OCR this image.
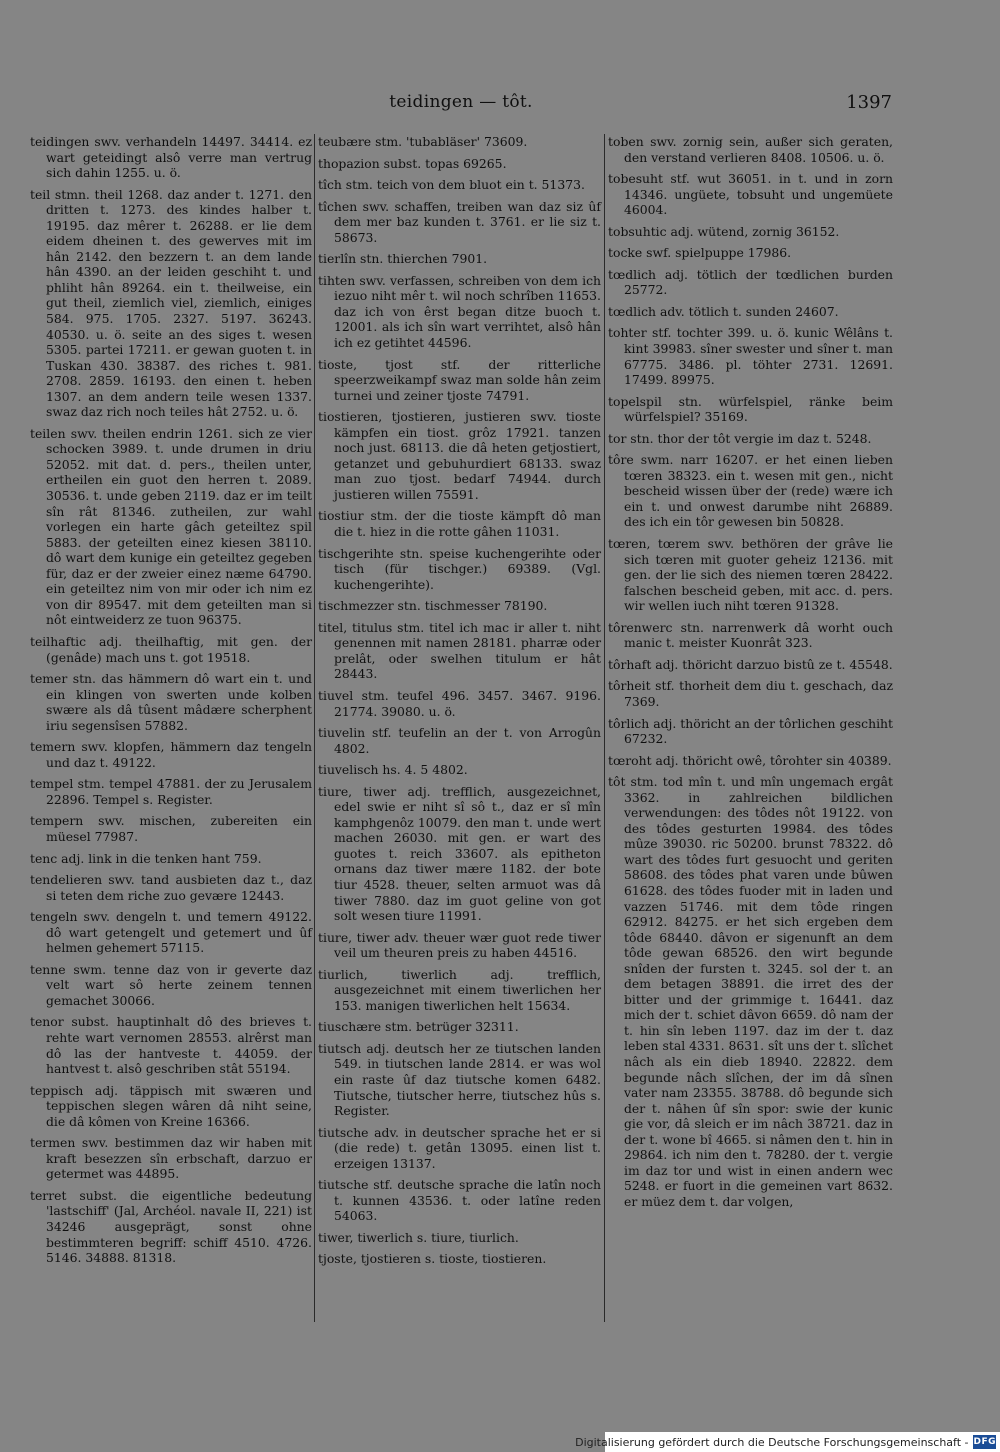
teidingen — tôt.	1397

teidingen swv. verhandeln 14497. 34414. ez wart geteidingt alsô verre man vertrug sich dahin 1255. u. ö.

teil stmn. theil 1268. daz ander t. 1271. den dritten t. 1273. des kindes halber t. 19195. daz mêrer t. 26288. er lie dem eidem dheinen t. des gewerves mit im hân 2142. den bezzern t. an dem lande hân 4390. an der leiden geschiht t. und phliht hân 89264. ein t. theilweise, ein gut theil, ziemlich viel, ziemlich, einiges 584. 975. 1705. 2327. 5197. 36243. 40530. u. ö. seite an des siges t. wesen 5305. partei 17211. er gewan guoten t. in Tuskan 430. 38387. des riches t. 981. 2708. 2859. 16193. den einen t. heben 1307. an dem andern teile wesen 1337. swaz daz rich noch teiles hât 2752. u. ö.

teilen swv. theilen endrin 1261. sich ze vier schocken 3989. t. unde drumen in driu 52052. mit dat. d. pers., theilen unter, ertheilen ein guot den herren t. 2089. 30536. t. unde geben 2119. daz er im teilt sîn rât 81346. zutheilen, zur wahl vorlegen ein harte gâch geteiltez spil 5883. der geteilten einez kiesen 38110. dô wart dem kunige ein geteiltez gegeben für, daz er der zweier einez næme 64790. ein geteiltez nim von mir oder ich nim ez von dir 89547. mit dem geteilten man si nôt eintweiderz ze tuon 96375.

teilhaftic adj. theilhaftig, mit gen. der (genâde) mach uns t. got 19518.

temer stn. das hämmern dô wart ein t. und ein klingen von swerten unde kolben swære als dâ tûsent mâdære scherphent iriu segensîsen 57882.

temern swv. klopfen, hämmern daz tengeln und daz t. 49122.

tempel stm. tempel 47881. der zu Jerusalem 22896. Tempel s. Register.

tempern swv. mischen, zubereiten ein müesel 77987.

tenc adj. link in die tenken hant 759.

tendelieren swv. tand ausbieten daz t., daz si teten dem riche zuo gevære 12443.

tengeln swv. dengeln t. und temern 49122. dô wart getengelt und getemert und ûf helmen gehemert 57115.

tenne swm. tenne daz von ir geverte daz velt wart sô herte zeinem tennen gemachet 30066.

tenor subst. hauptinhalt dô des brieves t. rehte wart vernomen 28553. alrêrst man dô las der hantveste t. 44059. der hantvest t. alsô geschriben stât 55194.

teppisch adj. täppisch mit swæren und teppischen slegen wâren dâ niht seine, die dâ kômen von Kreine 16366.

termen swv. bestimmen daz wir haben mit kraft besezzen sîn erbschaft, darzuo er getermet was 44895.

terret subst. die eigentliche bedeutung 'lastschiff' (Jal, Archéol. navale II, 221) ist 34246 ausgeprägt, sonst ohne bestimmteren begriff: schiff 4510. 4726. 5146. 34888. 81318.

teubære stm. 'tubabläser' 73609.

thopazion subst. topas 69265.

tîch stm. teich von dem bluot ein t. 51373.

tîchen swv. schaffen, treiben wan daz siz ûf dem mer baz kunden t. 3761. er lie siz t. 58673.

tierlîn stn. thierchen 7901.

tihten swv. verfassen, schreiben von dem ich iezuo niht mêr t. wil noch schrîben 11653. daz ich von êrst began ditze buoch t. 12001. als ich sîn wart verrihtet, alsô hân ich ez getihtet 44596.

tioste, tjost stf. der ritterliche speerzweikampf swaz man solde hân zeim turnei und zeiner tjoste 74791.

tiostieren, tjostieren, justieren swv. tioste kämpfen ein tiost. grôz 17921. tanzen noch just. 68113. die dâ heten getjostiert, getanzet und gebuhurdiert 68133. swaz man zuo tjost. bedarf 74944. durch justieren willen 75591.

tiostiur stm. der die tioste kämpft dô man die t. hiez in die rotte gâhen 11031.

tischgerihte stn. speise kuchengerihte oder tisch (für tischger.) 69389. (Vgl. kuchengerihte).

tischmezzer stn. tischmesser 78190.

titel, titulus stm. titel ich mac ir aller t. niht genennen mit namen 28181. pharræ oder prelât, oder swelhen titulum er hât 28443.

tiuvel stm. teufel 496. 3457. 3467. 9196. 21774. 39080. u. ö.

tiuvelin stf. teufelin an der t. von Arrogûn 4802.

tiuvelisch hs. 4. 5 4802.

tiure, tiwer adj. trefflich, ausgezeichnet, edel swie er niht sî sô t., daz er sî mîn kamphgenôz 10079. den man t. unde wert machen 26030. mit gen. er wart des guotes t. reich 33607. als epitheton ornans daz tiwer mære 1182. der bote tiur 4528. theuer, selten armuot was dâ tiwer 7880. daz im guot geline von got solt wesen tiure 11991.

tiure, tiwer adv. theuer wær guot rede tiwer veil um theuren preis zu haben 44516.

tiurlich, tiwerlich adj. trefflich, ausgezeichnet mit einem tiwerlichen her 153. manigen tiwerlichen helt 15634.

tiuschære stm. betrüger 32311.

tiutsch adj. deutsch her ze tiutschen landen 549. in tiutschen lande 2814. er was wol ein raste ûf daz tiutsche komen 6482. Tiutsche, tiutscher herre, tiutschez hûs s. Register.

tiutsche adv. in deutscher sprache het er si (die rede) t. getân 13095. einen list t. erzeigen 13137.

tiutsche stf. deutsche sprache die latîn noch t. kunnen 43536. t. oder latîne reden 54063.

tiwer, tiwerlich s. tiure, tiurlich.

tjoste, tjostieren s. tioste, tiostieren.

toben swv. zornig sein, außer sich geraten, den verstand verlieren 8408. 10506. u. ö.

tobesuht stf. wut 36051. in t. und in zorn 14346. ungüete, tobsuht und ungemüete 46004.

tobsuhtic adj. wütend, zornig 36152.

tocke swf. spielpuppe 17986.

tœdlich adj. tötlich der tœdlichen burden 25772.

tœdlich adv. tötlich t. sunden 24607.

tohter stf. tochter 399. u. ö. kunic Wêlâns t. kint 39983. sîner swester und sîner t. man 67775. 3486. pl. töhter 2731. 12691. 17499. 89975.

topelspil stn. würfelspiel, ränke beim würfelspiel? 35169.

tor stn. thor der tôt vergie im daz t. 5248.

tôre swm. narr 16207. er het einen lieben tœren 38323. ein t. wesen mit gen., nicht bescheid wissen über der (rede) wære ich ein t. und onwest darumbe niht 26889. des ich ein tôr gewesen bin 50828.

tœren, tœrem swv. bethören der grâve lie sich tœren mit guoter geheiz 12136. mit gen. der lie sich des niemen tœren 28422. falschen bescheid geben, mit acc. d. pers. wir wellen iuch niht tœren 91328.

tôrenwerc stn. narrenwerk dâ worht ouch manic t. meister Kuonrât 323.

tôrhaft adj. thöricht darzuo bistû ze t. 45548.

tôrheit stf. thorheit dem diu t. geschach, daz 7369.

tôrlich adj. thöricht an der tôrlichen geschiht 67232.

tœroht adj. thöricht owê, tôrohter sin 40389.

tôt stm. tod mîn t. und mîn ungemach ergât 3362. in zahlreichen bildlichen verwendungen: des tôdes nôt 19122. von des tôdes gesturten 19984. des tôdes mûze 39030. ric 50200. brunst 78322. dô wart des tôdes furt gesuocht und geriten 58608. des tôdes phat varen unde bûwen 61628. des tôdes fuoder mit in laden und vazzen 51746. mit dem tôde ringen 62912. 84275. er het sich ergeben dem tôde 68440. dâvon er sigenunft an dem tôde gewan 68526. den wirt begunde snîden der fursten t. 3245. sol der t. an dem betagen 38891. die irret des der bitter und der grimmige t. 16441. daz mich der t. schiet dâvon 6659. dô nam der t. hin sîn leben 1197. daz im der t. daz leben stal 4331. 8631. sît uns der t. slîchet nâch als ein dieb 18940. 22822. dem begunde nâch slîchen, der im dâ sînen vater nam 23355. 38788. dô begunde sich der t. nâhen ûf sîn spor: swie der kunic gie vor, dâ sleich er im nâch 38721. daz in der t. wone bî 4665. si nâmen den t. hin in 29864. ich nim den t. 78280. der t. vergie im daz tor und wist in einen andern wec 5248. er fuort in die gemeinen vart 8632. er müez dem t. dar volgen,

Digitalisierung gefördert durch die Deutsche Forschungsgemeinschaft - DFG
